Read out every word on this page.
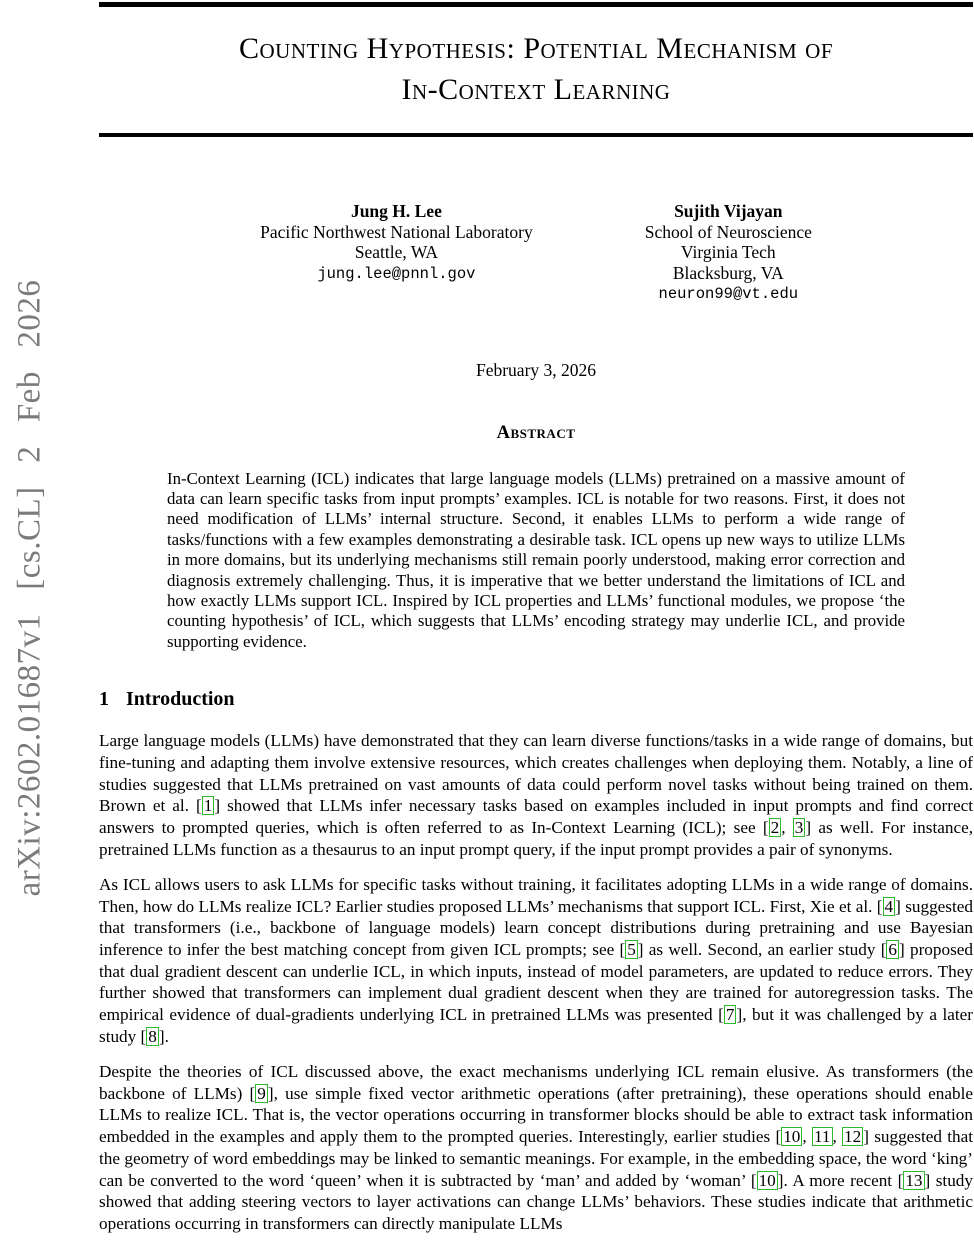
arXiv:2602.01687v1 [cs.CL] 2 Feb 2026
Counting Hypothesis: Potential Mechanism of
In-Context Learning
Jung H. Lee
Pacific Northwest National Laboratory
Seattle, WA
jung.lee@pnnl.gov
Sujith Vijayan
School of Neuroscience
Virginia Tech
Blacksburg, VA
neuron99@vt.edu
February 3, 2026
Abstract
In-Context Learning (ICL) indicates that large language models (LLMs) pretrained on a massive amount of data can learn specific tasks from input prompts’ examples. ICL is notable for two reasons. First, it does not need modification of LLMs’ internal structure. Second, it enables LLMs to perform a wide range of tasks/functions with a few examples demonstrating a desirable task. ICL opens up new ways to utilize LLMs in more domains, but its underlying mechanisms still remain poorly understood, making error correction and diagnosis extremely challenging. Thus, it is imperative that we better understand the limitations of ICL and how exactly LLMs support ICL. Inspired by ICL properties and LLMs’ functional modules, we propose ‘the counting hypothesis’ of ICL, which suggests that LLMs’ encoding strategy may underlie ICL, and provide supporting evidence.
1 Introduction

Large language models (LLMs) have demonstrated that they can learn diverse functions/tasks in a wide range of domains, but fine-tuning and adapting them involve extensive resources, which creates challenges when deploying them. Notably, a line of studies suggested that LLMs pretrained on vast amounts of data could perform novel tasks without being trained on them. Brown et al. [ 1 ] showed that LLMs infer necessary tasks based on examples included in input prompts and find correct answers to prompted queries, which is often referred to as In-Context Learning (ICL); see [ 2 , 3 ] as well. For instance, pretrained LLMs function as a thesaurus to an input prompt query, if the input prompt provides a pair of synonyms.

As ICL allows users to ask LLMs for specific tasks without training, it facilitates adopting LLMs in a wide range of domains. Then, how do LLMs realize ICL? Earlier studies proposed LLMs’ mechanisms that support ICL. First, Xie et al. [ 4 ] suggested that transformers (i.e., backbone of language models) learn concept distributions during pretraining and use Bayesian inference to infer the best matching concept from given ICL prompts; see [ 5 ] as well. Second, an earlier study [ 6 ] proposed that dual gradient descent can underlie ICL, in which inputs, instead of model parameters, are updated to reduce errors. They further showed that transformers can implement dual gradient descent when they are trained for autoregression tasks. The empirical evidence of dual-gradients underlying ICL in pretrained LLMs was presented [ 7 ], but it was challenged by a later study [ 8 ].

Despite the theories of ICL discussed above, the exact mechanisms underlying ICL remain elusive. As transformers (the backbone of LLMs) [ 9 ], use simple fixed vector arithmetic operations (after pretraining), these operations should enable LLMs to realize ICL. That is, the vector operations occurring in transformer blocks should be able to extract task information embedded in the examples and apply them to the prompted queries. Interestingly, earlier studies [ 10 , 11 , 12 ] suggested that the geometry of word embeddings may be linked to semantic meanings. For example, in the embedding space, the word ‘king’ can be converted to the word ‘queen’ when it is subtracted by ‘man’ and added by ‘woman’ [ 10 ]. A more recent [ 13 ] study showed that adding steering vectors to layer activations can change LLMs’ behaviors. These studies indicate that arithmetic operations occurring in transformers can directly manipulate LLMs
